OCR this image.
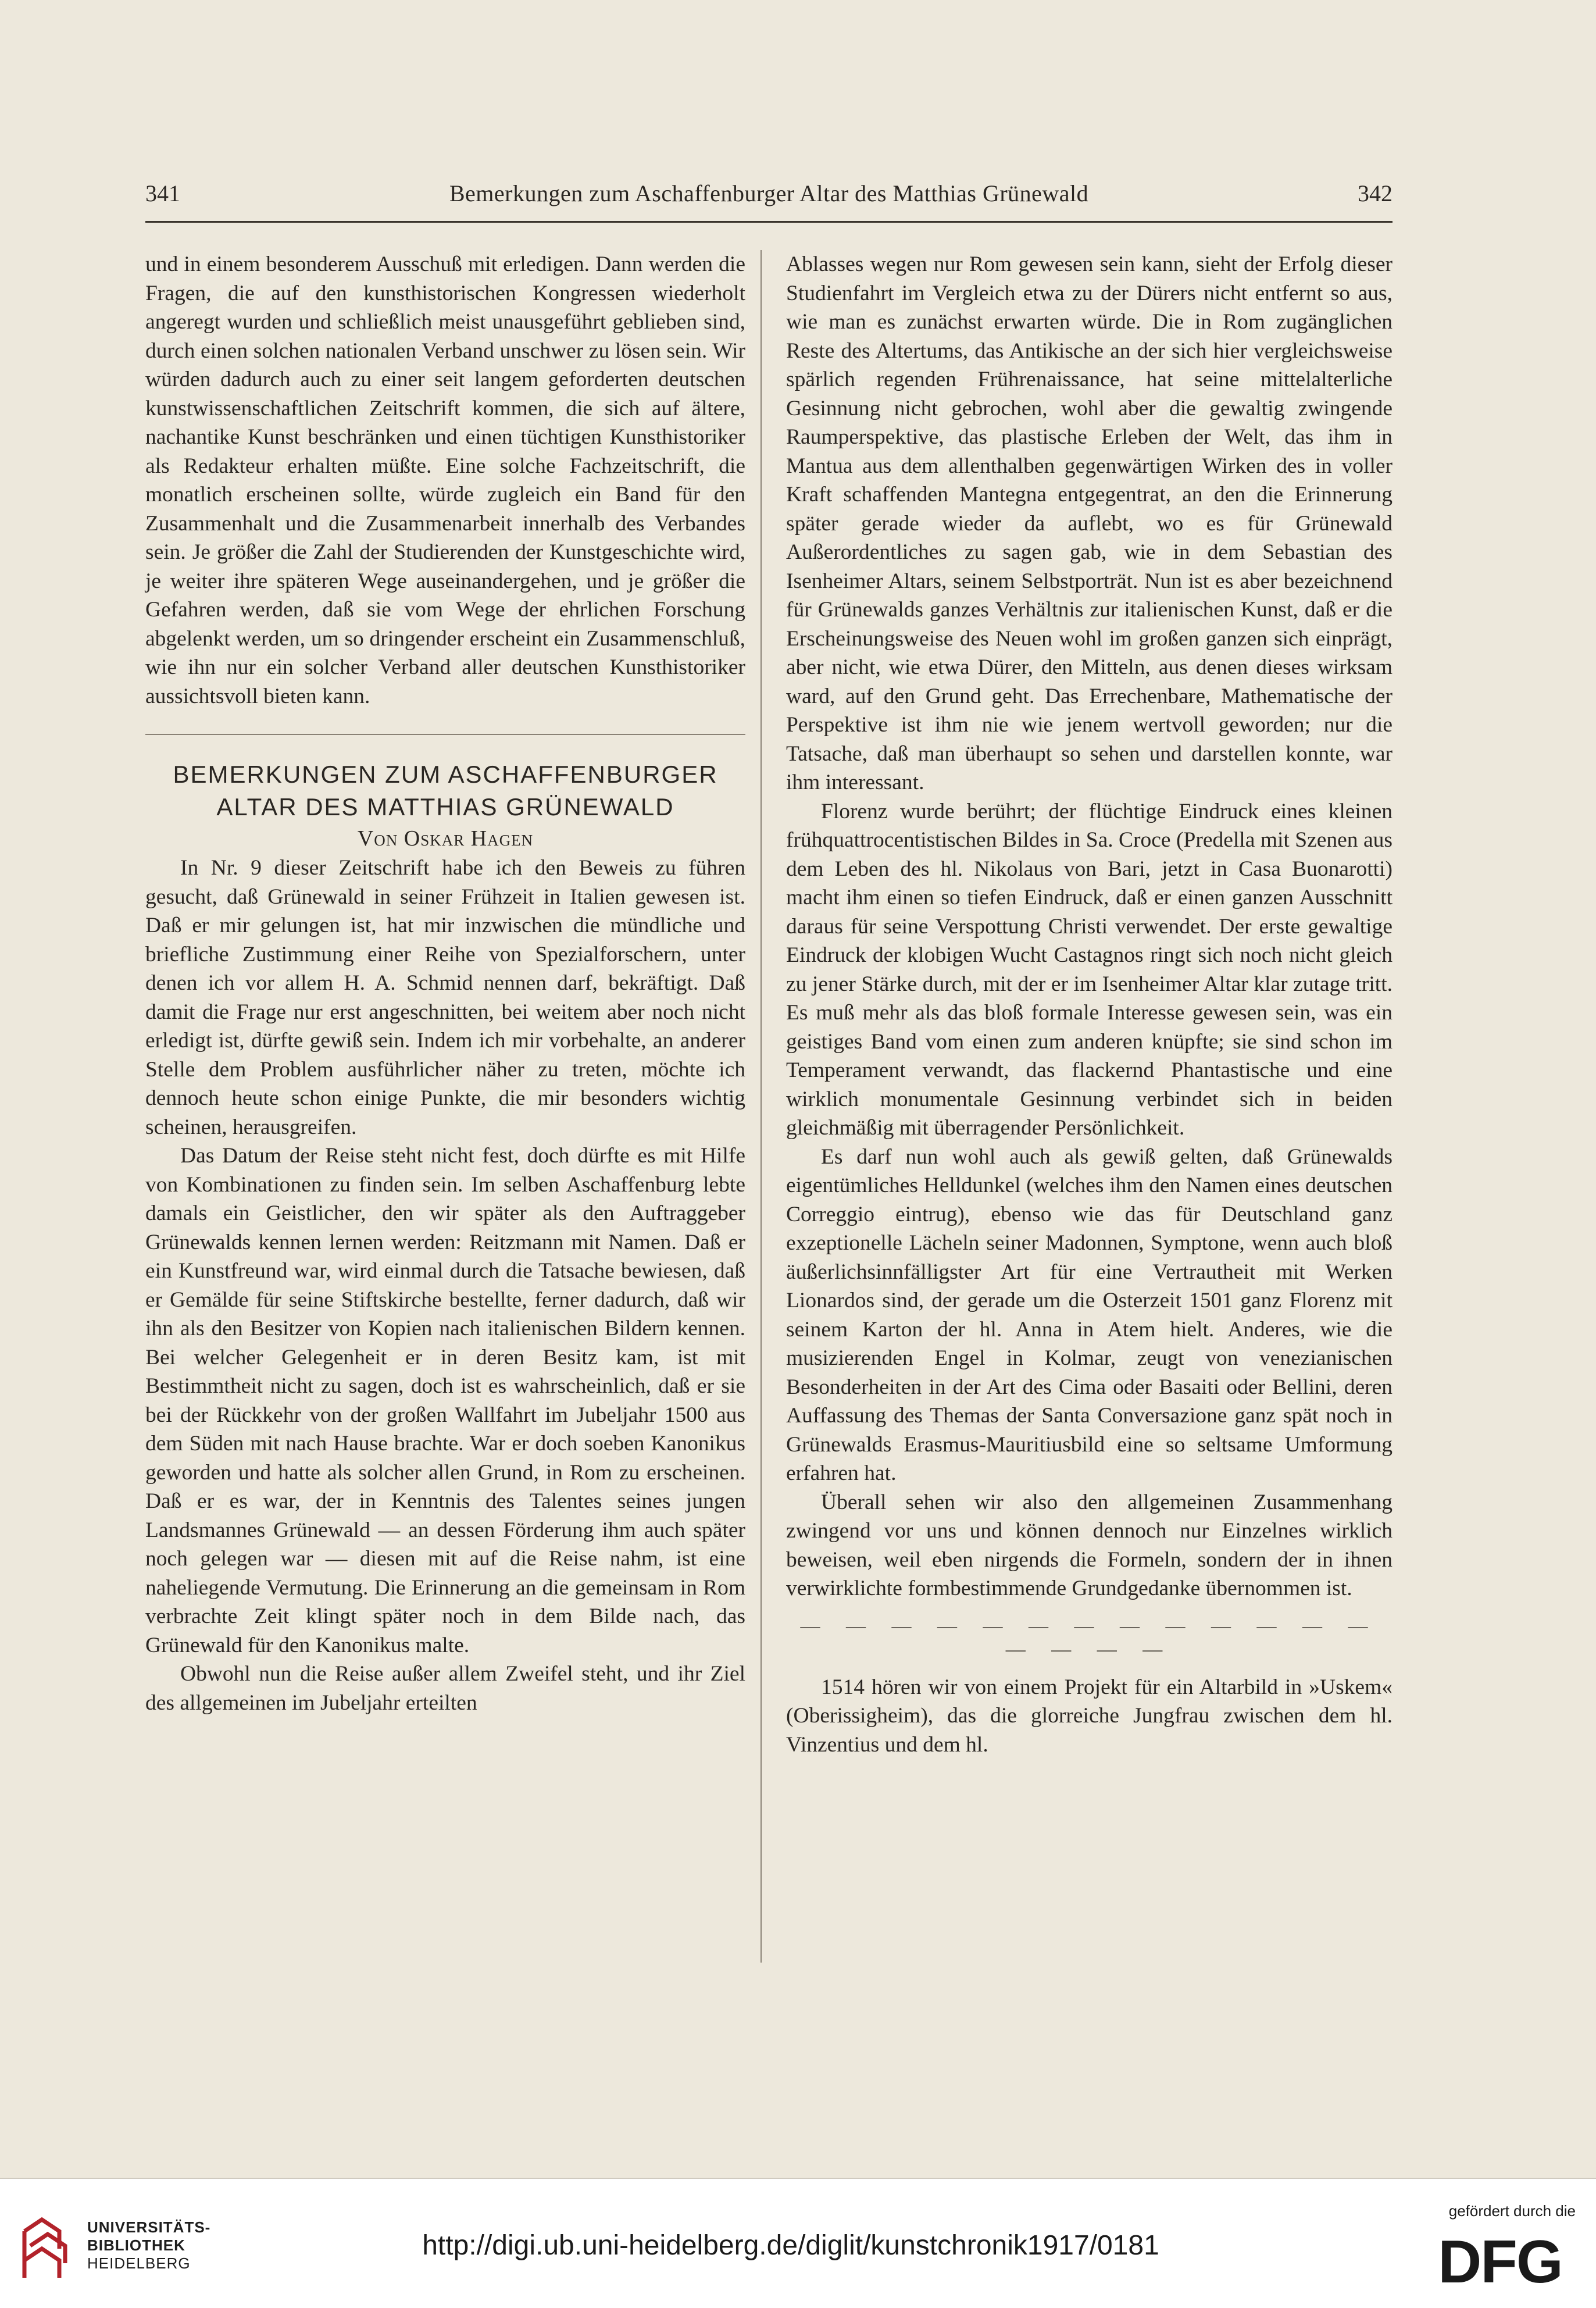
341	Bemerkungen zum Aschaffenburger Altar des Matthias Grünewald	342

und in einem besonderem Ausschuß mit erledigen. Dann werden die Fragen, die auf den kunsthistorischen Kongressen wiederholt angeregt wurden und schließlich meist unausgeführt geblieben sind, durch einen solchen nationalen Verband unschwer zu lösen sein. Wir würden dadurch auch zu einer seit langem geforderten deutschen kunstwissenschaftlichen Zeitschrift kommen, die sich auf ältere, nachantike Kunst beschränken und einen tüchtigen Kunsthistoriker als Redakteur erhalten müßte. Eine solche Fachzeitschrift, die monatlich erscheinen sollte, würde zugleich ein Band für den Zusammenhalt und die Zusammenarbeit innerhalb des Verbandes sein. Je größer die Zahl der Studierenden der Kunstgeschichte wird, je weiter ihre späteren Wege auseinandergehen, und je größer die Gefahren werden, daß sie vom Wege der ehrlichen Forschung abgelenkt werden, um so dringender erscheint ein Zusammenschluß, wie ihn nur ein solcher Verband aller deutschen Kunsthistoriker aussichtsvoll bieten kann.

BEMERKUNGEN ZUM ASCHAFFENBURGER

ALTAR DES MATTHIAS GRÜNEWALD

Von Oskar Hagen

In Nr. 9 dieser Zeitschrift habe ich den Beweis zu führen gesucht, daß Grünewald in seiner Frühzeit in Italien gewesen ist. Daß er mir gelungen ist, hat mir inzwischen die mündliche und briefliche Zustimmung einer Reihe von Spezialforschern, unter denen ich vor allem H. A. Schmid nennen darf, bekräftigt. Daß damit die Frage nur erst angeschnitten, bei weitem aber noch nicht erledigt ist, dürfte gewiß sein. Indem ich mir vorbehalte, an anderer Stelle dem Problem ausführlicher näher zu treten, möchte ich dennoch heute schon einige Punkte, die mir besonders wichtig scheinen, herausgreifen.

Das Datum der Reise steht nicht fest, doch dürfte es mit Hilfe von Kombinationen zu finden sein. Im selben Aschaffenburg lebte damals ein Geistlicher, den wir später als den Auftraggeber Grünewalds kennen lernen werden: Reitzmann mit Namen. Daß er ein Kunstfreund war, wird einmal durch die Tatsache bewiesen, daß er Gemälde für seine Stiftskirche bestellte, ferner dadurch, daß wir ihn als den Besitzer von Kopien nach italienischen Bildern kennen. Bei welcher Gelegenheit er in deren Besitz kam, ist mit Bestimmtheit nicht zu sagen, doch ist es wahrscheinlich, daß er sie bei der Rückkehr von der großen Wallfahrt im Jubeljahr 1500 aus dem Süden mit nach Hause brachte. War er doch soeben Kanonikus geworden und hatte als solcher allen Grund, in Rom zu erscheinen. Daß er es war, der in Kenntnis des Talentes seines jungen Landsmannes Grünewald — an dessen Förderung ihm auch später noch gelegen war — diesen mit auf die Reise nahm, ist eine naheliegende Vermutung. Die Erinnerung an die gemeinsam in Rom verbrachte Zeit klingt später noch in dem Bilde nach, das Grünewald für den Kanonikus malte.

Obwohl nun die Reise außer allem Zweifel steht, und ihr Ziel des allgemeinen im Jubeljahr erteilten

Ablasses wegen nur Rom gewesen sein kann, sieht der Erfolg dieser Studienfahrt im Vergleich etwa zu der Dürers nicht entfernt so aus, wie man es zunächst erwarten würde. Die in Rom zugänglichen Reste des Altertums, das Antikische an der sich hier vergleichsweise spärlich regenden Frührenaissance, hat seine mittelalterliche Gesinnung nicht gebrochen, wohl aber die gewaltig zwingende Raumperspektive, das plastische Erleben der Welt, das ihm in Mantua aus dem allenthalben gegenwärtigen Wirken des in voller Kraft schaffenden Mantegna entgegentrat, an den die Erinnerung später gerade wieder da auflebt, wo es für Grünewald Außerordentliches zu sagen gab, wie in dem Sebastian des Isenheimer Altars, seinem Selbstporträt. Nun ist es aber bezeichnend für Grünewalds ganzes Verhältnis zur italienischen Kunst, daß er die Erscheinungsweise des Neuen wohl im großen ganzen sich einprägt, aber nicht, wie etwa Dürer, den Mitteln, aus denen dieses wirksam ward, auf den Grund geht. Das Errechenbare, Mathematische der Perspektive ist ihm nie wie jenem wertvoll geworden; nur die Tatsache, daß man überhaupt so sehen und darstellen konnte, war ihm interessant.

Florenz wurde berührt; der flüchtige Eindruck eines kleinen frühquattrocentistischen Bildes in Sa. Croce (Predella mit Szenen aus dem Leben des hl. Nikolaus von Bari, jetzt in Casa Buonarotti) macht ihm einen so tiefen Eindruck, daß er einen ganzen Ausschnitt daraus für seine Verspottung Christi verwendet. Der erste gewaltige Eindruck der klobigen Wucht Castagnos ringt sich noch nicht gleich zu jener Stärke durch, mit der er im Isenheimer Altar klar zutage tritt. Es muß mehr als das bloß formale Interesse gewesen sein, was ein geistiges Band vom einen zum anderen knüpfte; sie sind schon im Temperament verwandt, das flackernd Phantastische und eine wirklich monumentale Gesinnung verbindet sich in beiden gleichmäßig mit überragender Persönlichkeit.

Es darf nun wohl auch als gewiß gelten, daß Grünewalds eigentümliches Helldunkel (welches ihm den Namen eines deutschen Correggio eintrug), ebenso wie das für Deutschland ganz exzeptionelle Lächeln seiner Madonnen, Symptone, wenn auch bloß äußerlichsinnfälligster Art für eine Vertrautheit mit Werken Lionardos sind, der gerade um die Osterzeit 1501 ganz Florenz mit seinem Karton der hl. Anna in Atem hielt. Anderes, wie die musizierenden Engel in Kolmar, zeugt von venezianischen Besonderheiten in der Art des Cima oder Basaiti oder Bellini, deren Auffassung des Themas der Santa Conversazione ganz spät noch in Grünewalds Erasmus-Mauritiusbild eine so seltsame Umformung erfahren hat.

Überall sehen wir also den allgemeinen Zusammenhang zwingend vor uns und können dennoch nur Einzelnes wirklich beweisen, weil eben nirgends die Formeln, sondern der in ihnen verwirklichte formbestimmende Grundgedanke übernommen ist.

— — — — — — — — — — — — — — — — —

1514 hören wir von einem Projekt für ein Altarbild in »Uskem« (Oberissigheim), das die glorreiche Jungfrau zwischen dem hl. Vinzentius und dem hl.

UNIVERSITÄTS-
BIBLIOTHEK
HEIDELBERG
http://digi.ub.uni-heidelberg.de/diglit/kunstchronik1917/0181
gefördert durch die
DFG
